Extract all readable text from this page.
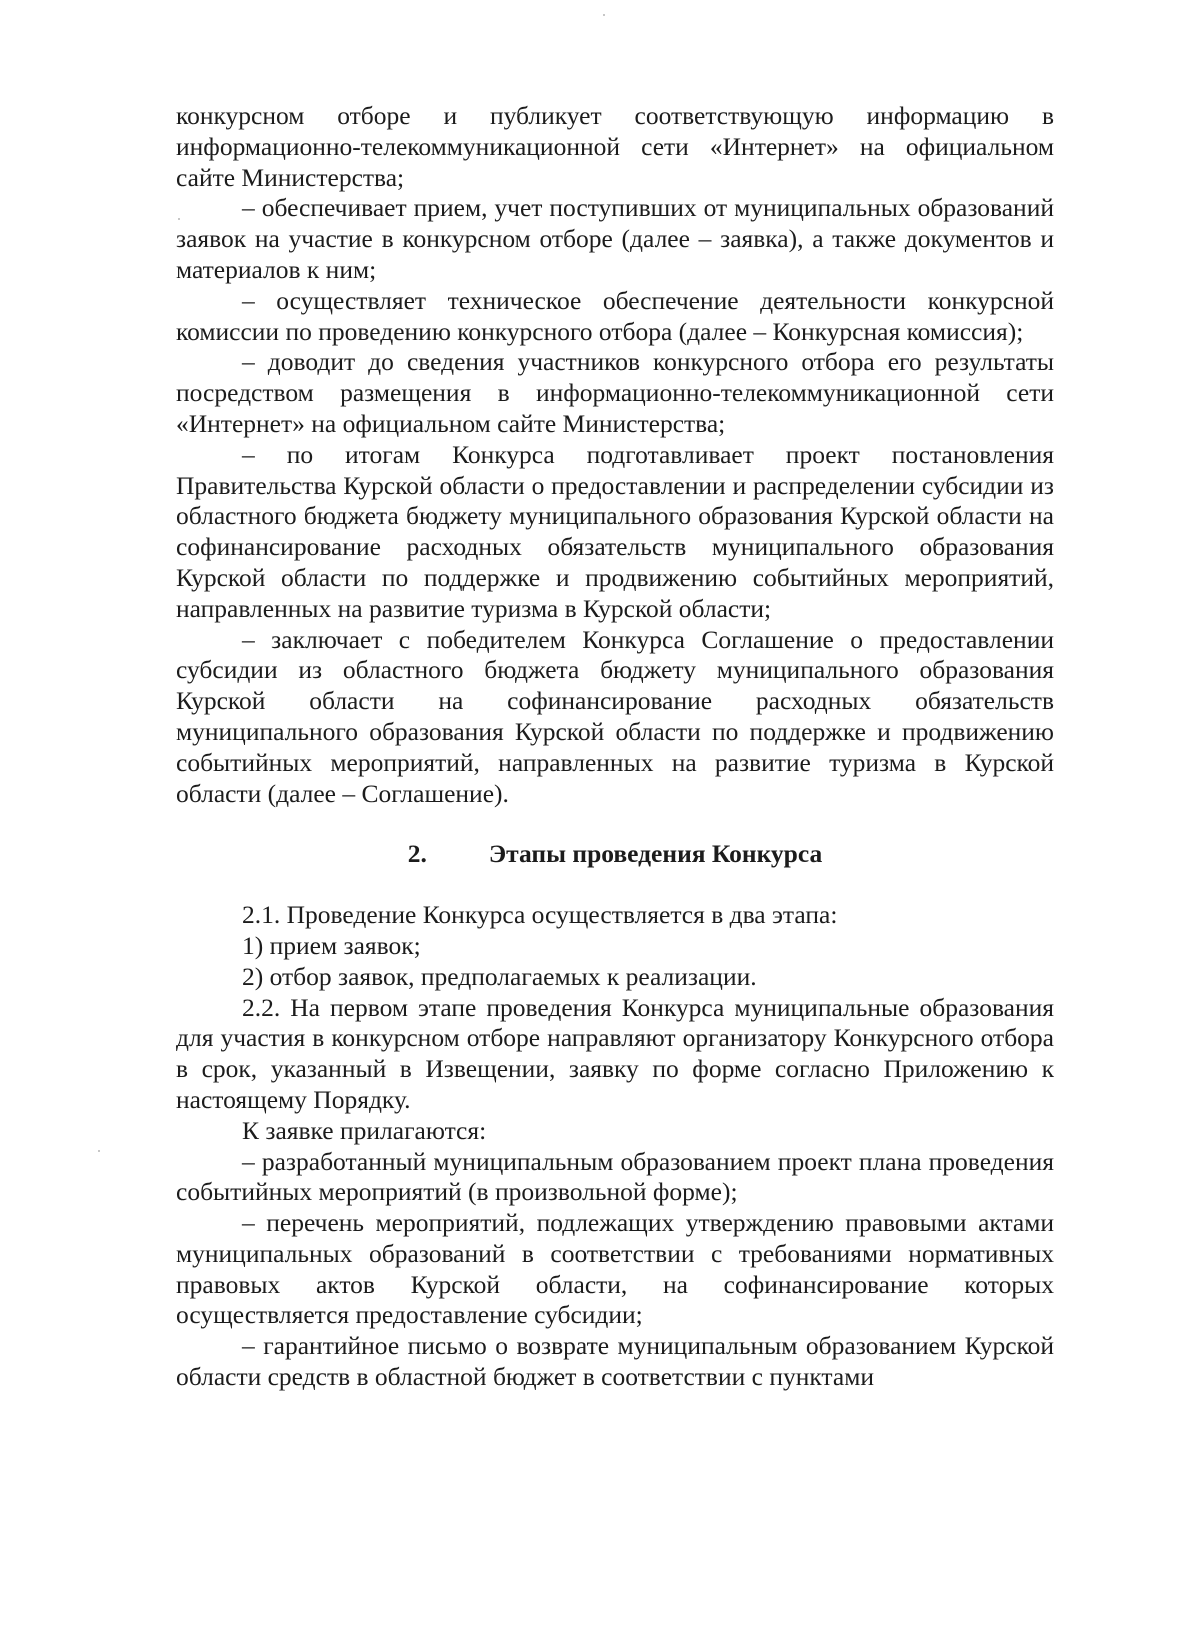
конкурсном отборе и публикует соответствующую информацию в информационно-телекоммуникационной сети «Интернет» на официальном сайте Министерства;

– обеспечивает прием, учет поступивших от муниципальных образований заявок на участие в конкурсном отборе (далее – заявка), а также документов и материалов к ним;

– осуществляет техническое обеспечение деятельности конкурсной комиссии по проведению конкурсного отбора (далее – Конкурсная комиссия);

– доводит до сведения участников конкурсного отбора его результаты посредством размещения в информационно-телекоммуникационной сети «Интернет» на официальном сайте Министерства;

– по итогам Конкурса подготавливает проект постановления Правительства Курской области о предоставлении и распределении субсидии из областного бюджета бюджету муниципального образования Курской области на софинансирование расходных обязательств муниципального образования Курской области по поддержке и продвижению событийных мероприятий, направленных на развитие туризма в Курской области;

– заключает с победителем Конкурса Соглашение о предоставлении субсидии из областного бюджета бюджету муниципального образования Курской области на софинансирование расходных обязательств муниципального образования Курской области по поддержке и продвижению событийных мероприятий, направленных на развитие туризма в Курской области (далее – Соглашение).

2. Этапы проведения Конкурса

2.1. Проведение Конкурса осуществляется в два этапа:

1) прием заявок;

2) отбор заявок, предполагаемых к реализации.

2.2. На первом этапе проведения Конкурса муниципальные образования для участия в конкурсном отборе направляют организатору Конкурсного отбора в срок, указанный в Извещении, заявку по форме согласно Приложению к настоящему Порядку.

К заявке прилагаются:

– разработанный муниципальным образованием проект плана проведения событийных мероприятий (в произвольной форме);

– перечень мероприятий, подлежащих утверждению правовыми актами муниципальных образований в соответствии с требованиями нормативных правовых актов Курской области, на софинансирование которых осуществляется предоставление субсидии;

– гарантийное письмо о возврате муниципальным образованием Курской области средств в областной бюджет в соответствии с пунктами
